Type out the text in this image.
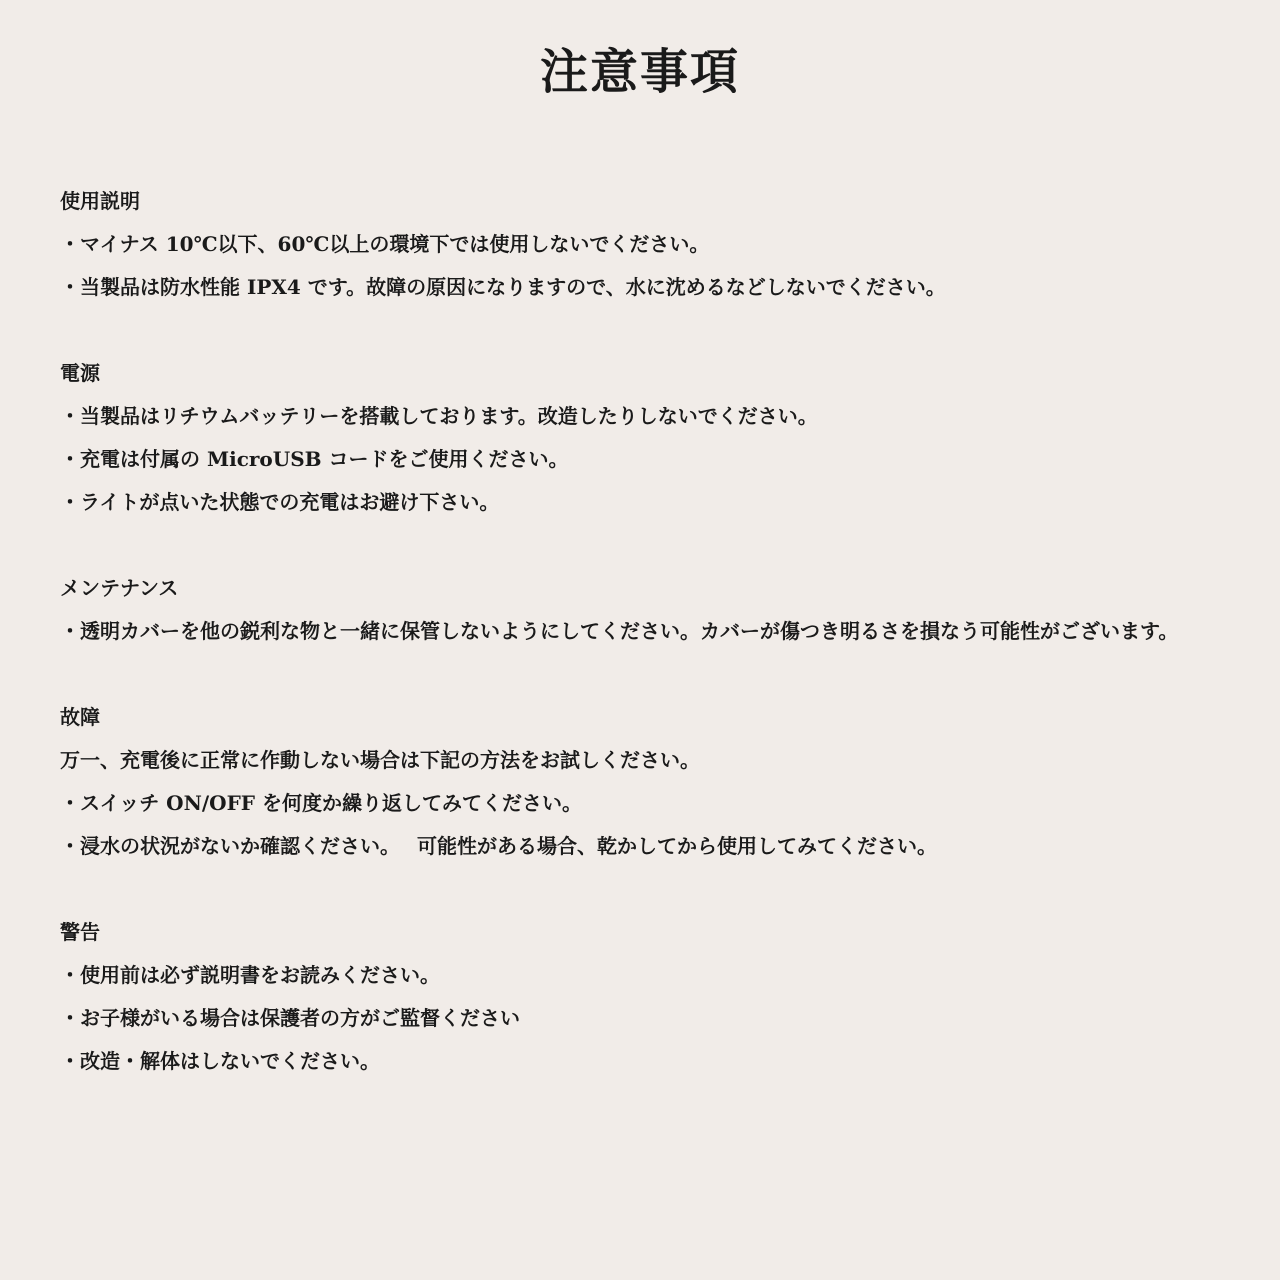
注意事項

使用説明

・マイナス 10℃以下、60℃以上の環境下では使用しないでください。

・当製品は防水性能 IPX4 です。故障の原因になりますので、水に沈めるなどしないでください。

電源

・当製品はリチウムバッテリーを搭載しております。改造したりしないでください。

・充電は付属の MicroUSB コードをご使用ください。

・ライトが点いた状態での充電はお避け下さい。

メンテナンス

・透明カバーを他の鋭利な物と一緒に保管しないようにしてください。カバーが傷つき明るさを損なう可能性がございます。

故障

万一、充電後に正常に作動しない場合は下記の方法をお試しください。

・スイッチ ON/OFF を何度か繰り返してみてください。

・浸水の状況がないか確認ください。　 可能性がある場合、乾かしてから使用してみてください。

警告

・使用前は必ず説明書をお読みください。

・お子様がいる場合は保護者の方がご監督ください

・改造・解体はしないでください。
